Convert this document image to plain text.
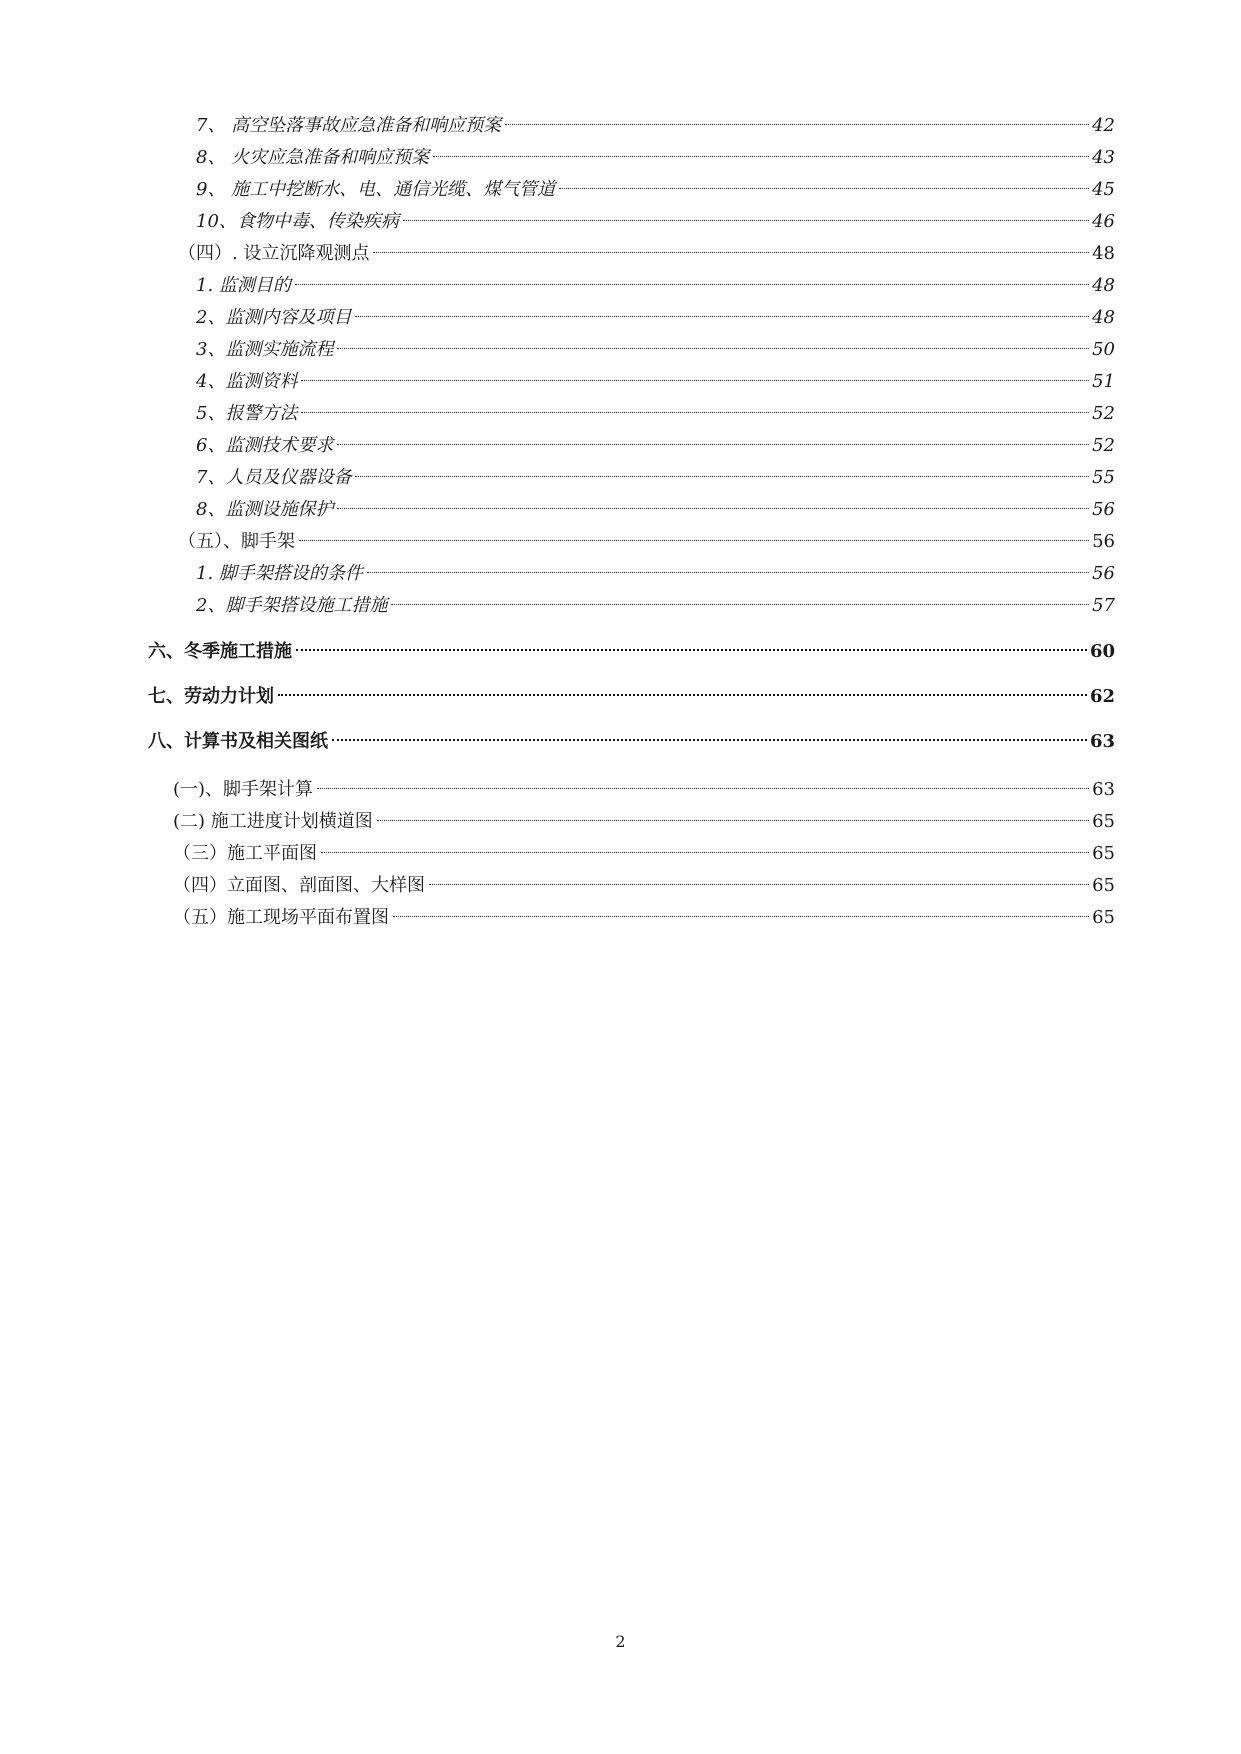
7、 高空坠落事故应急准备和响应预案	42
8、 火灾应急准备和响应预案	43
9、 施工中挖断水、电、通信光缆、煤气管道	45
10、食物中毒、传染疾病	46
（四）. 设立沉降观测点	48
1. 监测目的	48
2、监测内容及项目	48
3、监测实施流程	50
4、监测资料	51
5、报警方法	52
6、监测技术要求	52
7、人员及仪器设备	55
8、监测设施保护	56
（五）、脚手架	56
1. 脚手架搭设的条件	56
2、脚手架搭设施工措施	57
六、冬季施工措施	60
七、劳动力计划	62
八、计算书及相关图纸	63
(一)、脚手架计算	63
(二) 施工进度计划横道图	65
（三）施工平面图	65
（四）立面图、剖面图、大样图	65
（五）施工现场平面布置图	65
2
